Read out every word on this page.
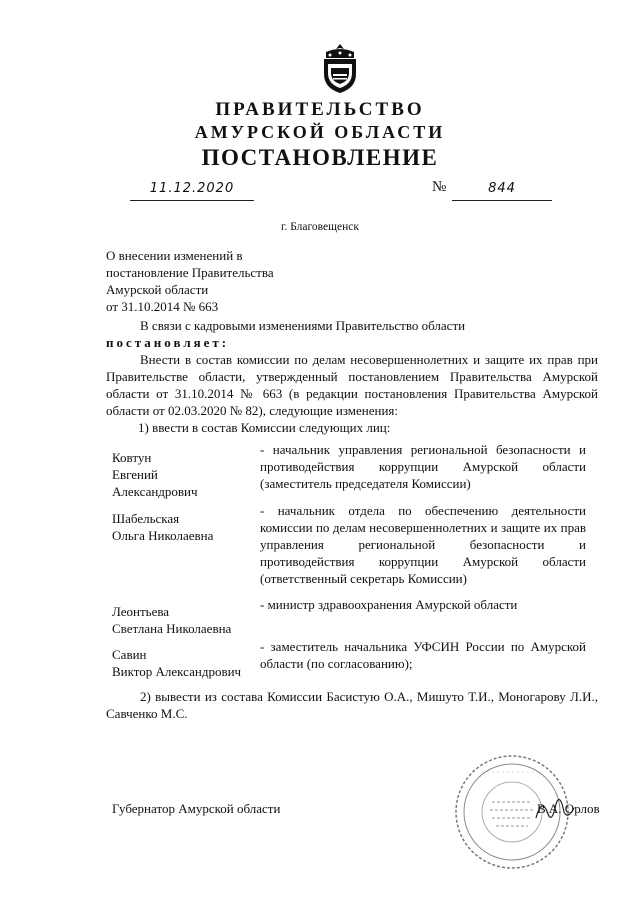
ПРАВИТЕЛЬСТВО
АМУРСКОЙ ОБЛАСТИ
ПОСТАНОВЛЕНИЕ
11.12.2020	№	844
г. Благовещенск
О внесении изменений в
постановление Правительства
Амурской области
от 31.10.2014 № 663
В связи с кадровыми изменениями Правительство области
постановляет:
Внести в состав комиссии по делам несовершеннолетних и защите их прав при Правительстве области, утвержденный постановлением Правительства Амурской области от 31.10.2014 № 663 (в редакции постановления Правительства Амурской области от 02.03.2020 № 82), следующие изменения:
1) ввести в состав Комиссии следующих лиц:
Ковтун
Евгений
Александрович
- начальник управления региональной безопасности и противодействия коррупции Амурской области (заместитель председателя Комиссии)
Шабельская
Ольга Николаевна
- начальник отдела по обеспечению деятельности комиссии по делам несовершеннолетних и защите их прав управления региональной безопасности и противодействия коррупции Амурской области (ответственный секретарь Комиссии)
Леонтьева
Светлана Николаевна
- министр здравоохранения Амурской области
Савин
Виктор Александрович
- заместитель начальника УФСИН России по Амурской области (по согласованию);
2) вывести из состава Комиссии Басистую О.А., Мишуто Т.И., Моногарову Л.И., Савченко М.С.
Губернатор Амурской области	В.А. Орлов
